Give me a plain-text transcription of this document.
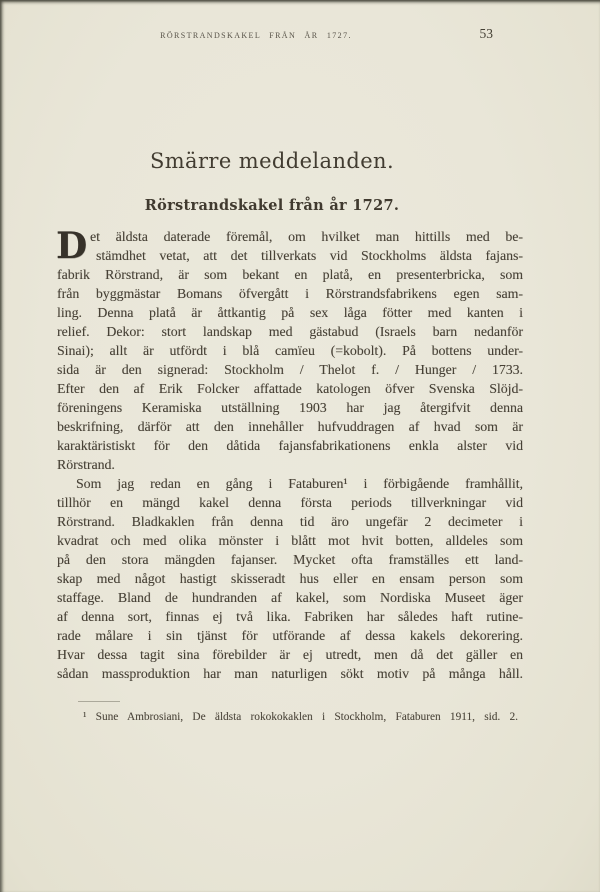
RÖRSTRANDSKAKEL FRÅN ÅR 1727.	53
Smärre meddelanden.
Rörstrandskakel från år 1727.
D et äldsta daterade föremål, om hvilket man hittills med be-
stämdhet vetat, att det tillverkats vid Stockholms äldsta fajans-
fabrik Rörstrand, är som bekant en platå, en presenterbricka, som
från byggmästar Bomans öfvergått i Rörstrandsfabrikens egen sam-
ling. Denna platå är åttkantig på sex låga fötter med kanten i
relief. Dekor: stort landskap med gästabud (Israels barn nedanför
Sinai); allt är utfördt i blå camïeu (=kobolt). På bottens under-
sida är den signerad: Stockholm / Thelot f. / Hunger / 1733.
Efter den af Erik Folcker affattade katologen öfver Svenska Slöjd-
föreningens Keramiska utställning 1903 har jag återgifvit denna
beskrifning, därför att den innehåller hufvuddragen af hvad som är
karaktäristiskt för den dåtida fajansfabrikationens enkla alster vid
Rörstrand.
Som jag redan en gång i Fataburen¹ i förbigående framhållit,
tillhör en mängd kakel denna första periods tillverkningar vid
Rörstrand. Bladkaklen från denna tid äro ungefär 2 decimeter i
kvadrat och med olika mönster i blått mot hvit botten, alldeles som
på den stora mängden fajanser. Mycket ofta framställes ett land-
skap med något hastigt skisseradt hus eller en ensam person som
staffage. Bland de hundranden af kakel, som Nordiska Museet äger
af denna sort, finnas ej två lika. Fabriken har således haft rutine-
rade målare i sin tjänst för utförande af dessa kakels dekorering.
Hvar dessa tagit sina förebilder är ej utredt, men då det gäller en
sådan massproduktion har man naturligen sökt motiv på många håll.
¹ Sune Ambrosiani, De äldsta rokokokaklen i Stockholm, Fataburen 1911, sid. 2.
